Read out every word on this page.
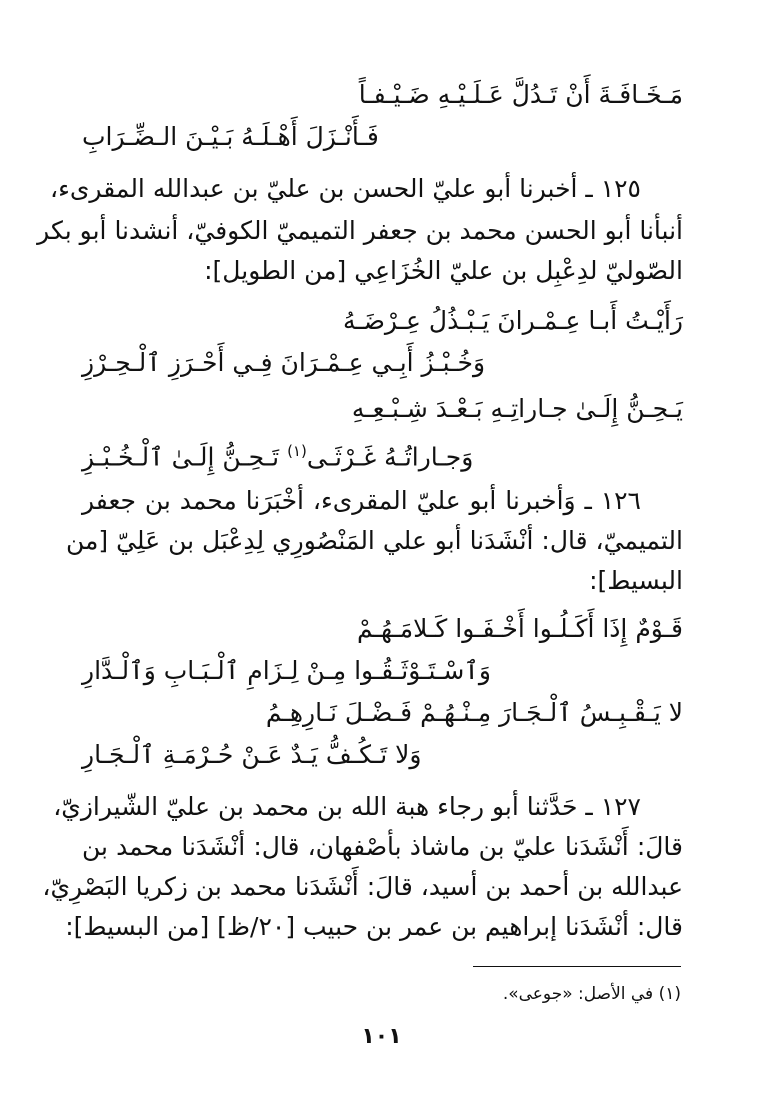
مَـخَـافَـةَ أَنْ تَـدُلَّ عَـلَـيْـهِ ضَـيْـفـاً
فَـأَنْـزَلَ أَهْـلَـهُ بَـيْـنَ الـضِّـرَابِ
١٢٥ ـ أخبرنا أبو عليّ الحسن بن عليّ بن عبدالله المقرىء،
أنبأنا أبو الحسن محمد بن جعفر التميميّ الكوفيّ، أنشدنا أبو بكر
الصّوليّ لدِعْبِل بن عليّ الخُزَاعِي [من الطويل]:
رَأَيْـتُ أَبـا عِـمْـرانَ يَـبْـذُلُ عِـرْضَـهُ
وَخُـبْـزُ أَبِـي عِـمْـرَانَ فِـي أَحْـرَزِ ٱلْـحِـرْزِ
يَـحِـنُّ إِلَـىٰ جـاراتِـهِ بَـعْـدَ شِـبْـعِـهِ
وَجـاراتُـهُ غَـرْثَـى$^{(١)}$ تَـحِـنُّ إِلَـىٰ ٱلْـخُـبْـزِ
١٢٦ ـ وَأخبرنا أبو عليّ المقرىء، أخْبَرَنا محمد بن جعفر
التميميّ، قال: أنْشَدَنا أبو علي المَنْصُورِي لِدِعْبَل بن عَلِيّ [من
البسيط]:
قَـوْمٌ إِذَا أَكَـلُـوا أَخْـفَـوا كَـلامَـهُـمْ
وَٱسْـتَـوْثَـقُـوا مِـنْ لِـزَامِ ٱلْـبَـابِ وَٱلْـدَّارِ
لا يَـقْـبِـسُ ٱلْـجَـارَ مِـنْـهُـمْ فَـضْـلَ نَـارِهِـمُ
وَلا تَـكُـفُّ يَـدٌ عَـنْ حُـرْمَـةِ ٱلْـجَـارِ
١٢٧ ـ حَدَّثنا أبو رجاء هبة الله بن محمد بن عليّ الشّيرازيّ،
قالَ: أَنْشَدَنا عليّ بن ماشاذ بأصْفهان، قال: أنْشَدَنا محمد بن
عبدالله بن أحمد بن أسيد، قالَ: أَنْشَدَنا محمد بن زكريا البَصْرِيّ،
قال: أنْشَدَنا إبراهيم بن عمر بن حبيب [٢٠/ظ] [من البسيط]:
(١) في الأصل: «جوعى».
١٠١
